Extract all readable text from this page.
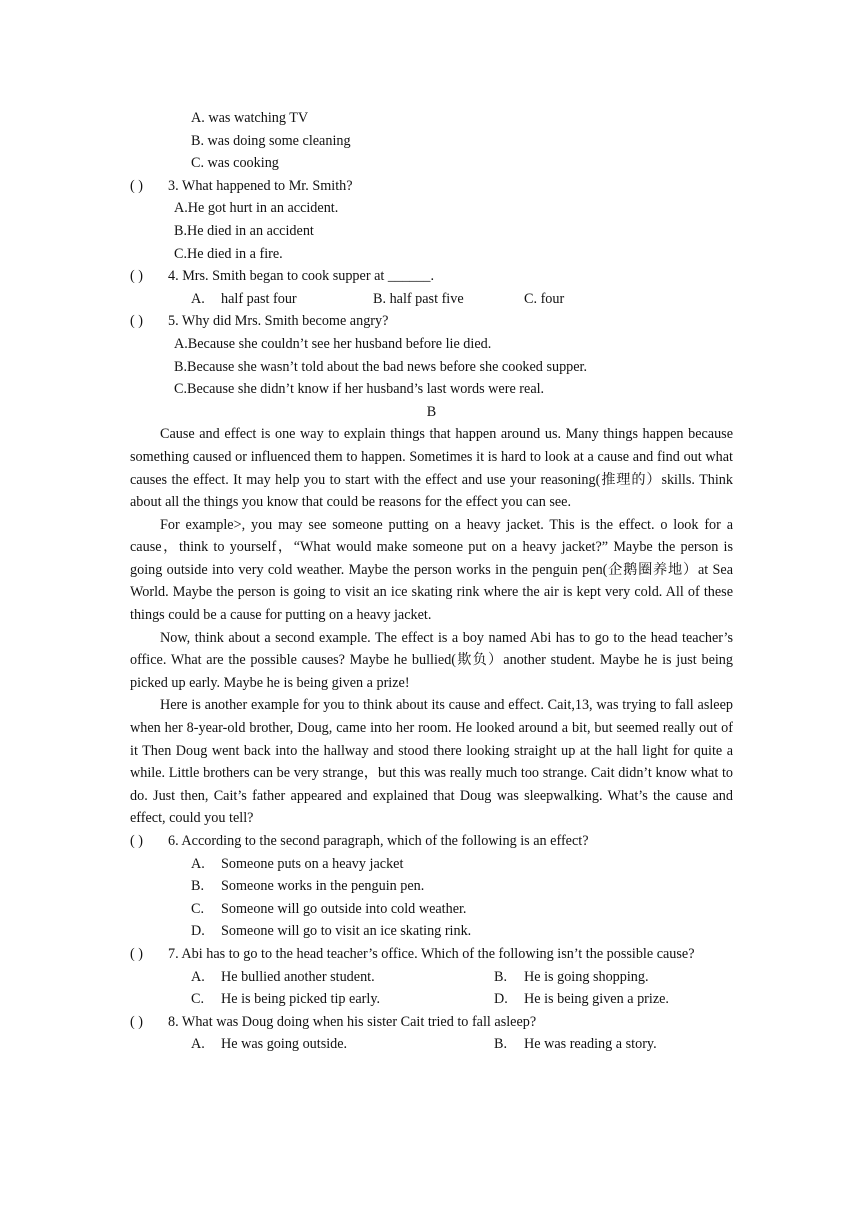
A. was watching TV
B. was doing some cleaning
C. was cooking
( ) 3. What happened to Mr. Smith?
A.He got hurt in an accident.
B.He died in an accident
C.He died in a fire.
( ) 4. Mrs. Smith began to cook supper at ______.
A. half past four	B. half past five	C. four
( ) 5. Why did Mrs. Smith become angry?
A.Because she couldn’t see her husband before lie died.
B.Because she wasn’t told about the bad news before she cooked supper.
C.Because she didn’t know if her husband’s last words were real.
B

Cause and effect is one way to explain things that happen around us. Many things happen because something caused or influenced them to happen. Sometimes it is hard to look at a cause and find out what causes the effect. It may help you to start with the effect and use your reasoning(推理的）skills. Think about all the things you know that could be reasons for the effect you can see.

For example>, you may see someone putting on a heavy jacket. This is the effect. o look for a cause，think to yourself，“What would make someone put on a heavy jacket?” Maybe the person is going outside into very cold weather. Maybe the person works in the penguin pen(企鹅圈养地）at Sea World. Maybe the person is going to visit an ice skating rink where the air is kept very cold. All of these things could be a cause for putting on a heavy jacket.

Now, think about a second example. The effect is a boy named Abi has to go to the head teacher’s office. What are the possible causes? Maybe he bullied(欺负）another student. Maybe he is just being picked up early. Maybe he is being given a prize!

Here is another example for you to think about its cause and effect. Cait,13, was trying to fall asleep when her 8-year-old brother, Doug, came into her room. He looked around a bit, but seemed really out of it Then Doug went back into the hallway and stood there looking straight up at the hall light for quite a while. Little brothers can be very strange，but this was really much too strange. Cait didn’t know what to do. Just then, Cait’s father appeared and explained that Doug was sleepwalking. What’s the cause and effect, could you tell?

( ) 6. According to the second paragraph, which of the following is an effect?
A. Someone puts on a heavy jacket
B. Someone works in the penguin pen.
C. Someone will go outside into cold weather.
D. Someone will go to visit an ice skating rink.

( ) 7. Abi has to go to the head teacher’s office. Which of the following isn’t the possible cause?

A. He bullied another student.	B. He is going shopping.
C. He is being picked tip early.	D. He is being given a prize.
( ) 8. What was Doug doing when his sister Cait tried to fall asleep?
A. He was going outside.	B. He was reading a story.
